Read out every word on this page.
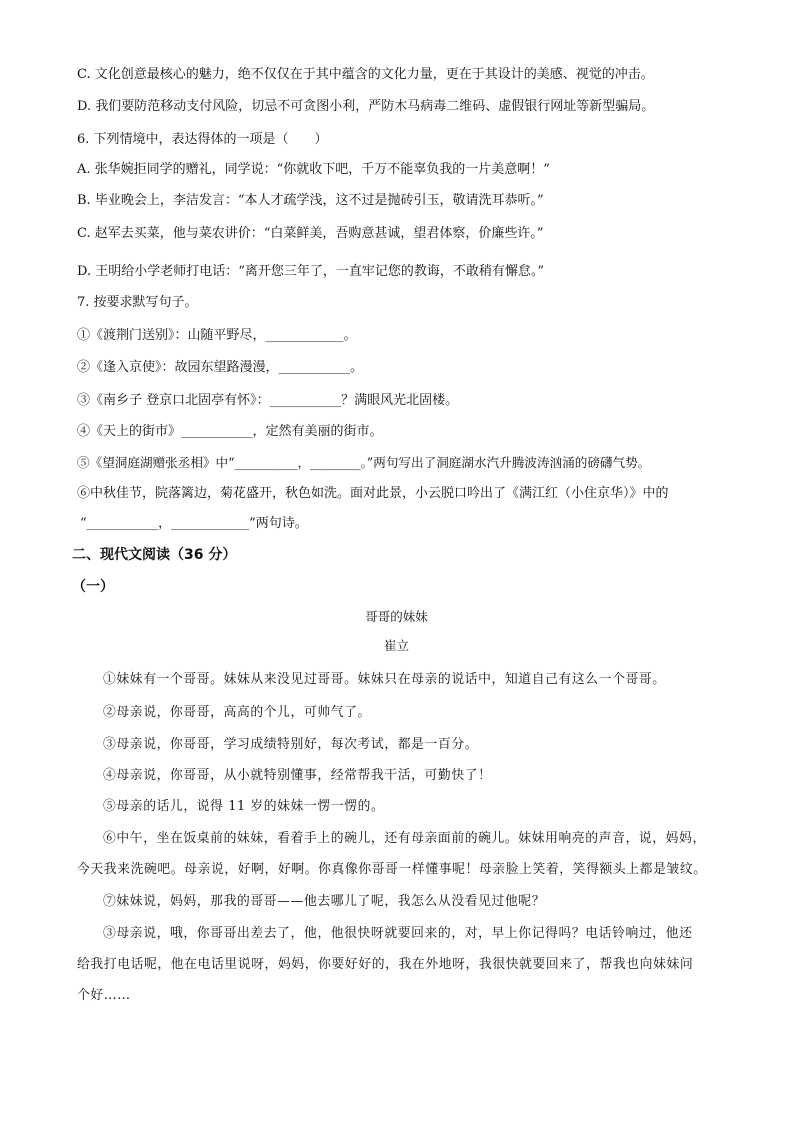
C. 文化创意最核心的魅力，绝不仅仅在于其中蕴含的文化力量，更在于其设计的美感、视觉的冲击。
D. 我们要防范移动支付风险，切忌不可贪图小利，严防木马病毒二维码、虚假银行网址等新型骗局。
6. 下列情境中，表达得体的一项是（　　）
A. 张华婉拒同学的赠礼，同学说：“你就收下吧，千万不能辜负我的一片美意啊！”
B. 毕业晚会上，李洁发言：“本人才疏学浅，这不过是抛砖引玉，敬请洗耳恭听。”
C. 赵军去买菜，他与菜农讲价：“白菜鲜美，吾购意甚诚，望君体察，价廉些许。”
D. 王明给小学老师打电话：“离开您三年了，一直牢记您的教诲，不敢稍有懈怠。”
7. 按要求默写句子。
①《渡荆门送别》：山随平野尽，____________。
②《逢入京使》：故园东望路漫漫，___________。
③《南乡子 登京口北固亭有怀》：___________？满眼风光北固楼。
④《天上的街市》___________，定然有美丽的街市。
⑤《望洞庭湖赠张丞相》中“__________，________。”两句写出了洞庭湖水汽升腾波涛汹涌的磅礴气势。
⑥中秋佳节，院落篱边，菊花盛开，秋色如洗。面对此景，小云脱口吟出了《满江红（小住京华）》中的
“___________，____________”两句诗。
二、现代文阅读（36 分）
（一）
哥哥的妹妹
崔立
①妹妹有一个哥哥。妹妹从来没见过哥哥。妹妹只在母亲的说话中，知道自己有这么一个哥哥。
②母亲说，你哥哥，高高的个儿，可帅气了。
③母亲说，你哥哥，学习成绩特别好，每次考试，都是一百分。
④母亲说，你哥哥，从小就特别懂事，经常帮我干活，可勤快了！
⑤母亲的话儿，说得 11 岁的妹妹一愣一愣的。
⑥中午，坐在饭桌前的妹妹，看着手上的碗儿，还有母亲面前的碗儿。妹妹用响亮的声音，说，妈妈，
今天我来洗碗吧。母亲说，好啊，好啊。你真像你哥哥一样懂事呢！母亲脸上笑着，笑得额头上都是皱纹。
⑦妹妹说，妈妈，那我的哥哥——他去哪儿了呢，我怎么从没看见过他呢？
③母亲说，哦，你哥哥出差去了，他，他很快呀就要回来的，对，早上你记得吗？电话铃响过，他还
给我打电话呢，他在电话里说呀，妈妈，你要好好的，我在外地呀，我很快就要回来了，帮我也向妹妹问
个好……
